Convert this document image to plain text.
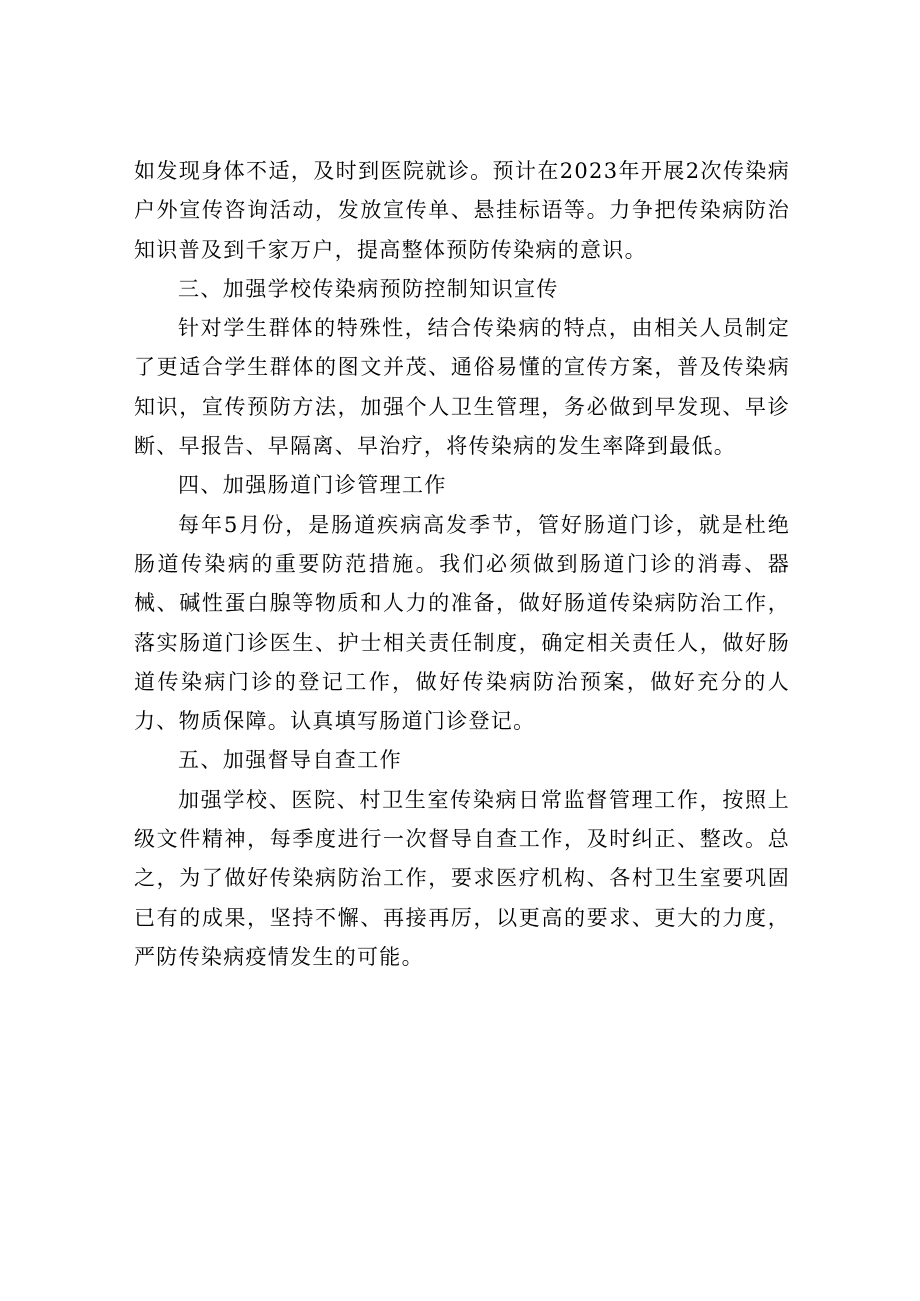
如发现身体不适，及时到医院就诊。预计在2023年开展2次传染病户外宣传咨询活动，发放宣传单、悬挂标语等。力争把传染病防治知识普及到千家万户，提高整体预防传染病的意识。

三、加强学校传染病预防控制知识宣传

针对学生群体的特殊性，结合传染病的特点，由相关人员制定了更适合学生群体的图文并茂、通俗易懂的宣传方案，普及传染病知识，宣传预防方法，加强个人卫生管理，务必做到早发现、早诊断、早报告、早隔离、早治疗，将传染病的发生率降到最低。

四、加强肠道门诊管理工作

每年5月份，是肠道疾病高发季节，管好肠道门诊，就是杜绝肠道传染病的重要防范措施。我们必须做到肠道门诊的消毒、器械、碱性蛋白腺等物质和人力的准备，做好肠道传染病防治工作，落实肠道门诊医生、护士相关责任制度，确定相关责任人，做好肠道传染病门诊的登记工作，做好传染病防治预案，做好充分的人力、物质保障。认真填写肠道门诊登记。

五、加强督导自查工作

加强学校、医院、村卫生室传染病日常监督管理工作，按照上级文件精神，每季度进行一次督导自查工作，及时纠正、整改。总之，为了做好传染病防治工作，要求医疗机构、各村卫生室要巩固已有的成果，坚持不懈、再接再厉，以更高的要求、更大的力度，严防传染病疫情发生的可能。
